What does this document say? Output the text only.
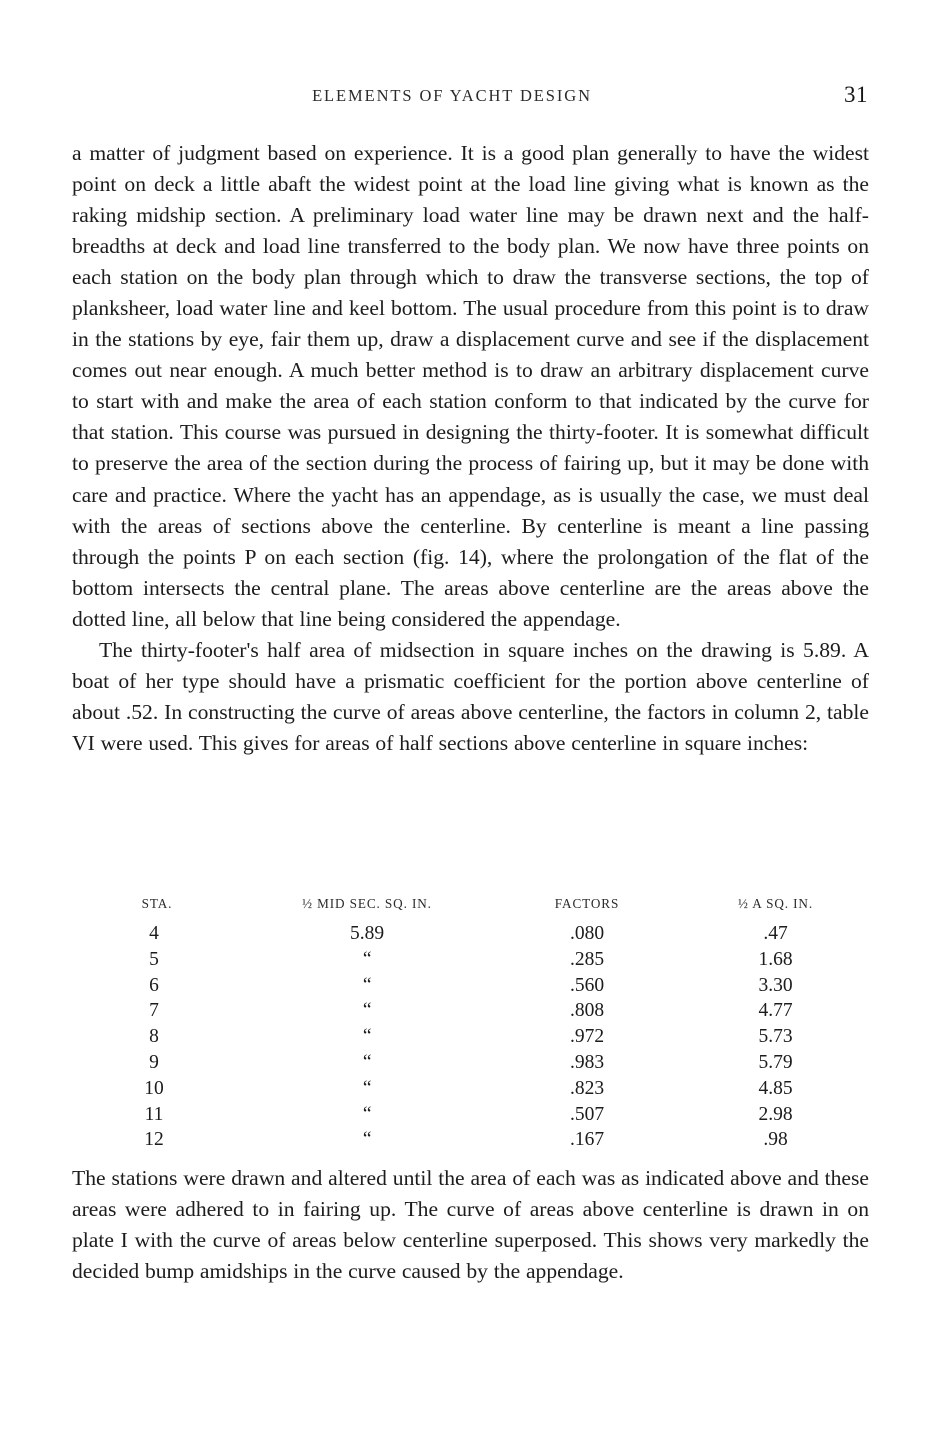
ELEMENTS OF YACHT DESIGN	31

a matter of judgment based on experience. It is a good plan generally to have the widest point on deck a little abaft the widest point at the load line giving what is known as the raking midship section. A preliminary load water line may be drawn next and the half-breadths at deck and load line transferred to the body plan. We now have three points on each station on the body plan through which to draw the transverse sections, the top of planksheer, load water line and keel bottom. The usual procedure from this point is to draw in the stations by eye, fair them up, draw a displacement curve and see if the displacement comes out near enough. A much better method is to draw an arbitrary displacement curve to start with and make the area of each station conform to that indicated by the curve for that station. This course was pursued in designing the thirty-footer. It is somewhat difficult to preserve the area of the section during the process of fairing up, but it may be done with care and practice. Where the yacht has an appendage, as is usually the case, we must deal with the areas of sections above the centerline. By centerline is meant a line passing through the points P on each section (fig. 14), where the prolongation of the flat of the bottom intersects the central plane. The areas above centerline are the areas above the dotted line, all below that line being considered the appendage.

The thirty-footer's half area of midsection in square inches on the drawing is 5.89. A boat of her type should have a prismatic coefficient for the portion above centerline of about .52. In constructing the curve of areas above centerline, the factors in column 2, table VI were used. This gives for areas of half sections above centerline in square inches:

STA.	½ MID SEC. SQ. IN.	FACTORS	½ A SQ. IN.
4	5.89	.080	.47
5	“	.285	1.68
6	“	.560	3.30
7	“	.808	4.77
8	“	.972	5.73
9	“	.983	5.79
10	“	.823	4.85
11	“	.507	2.98
12	“	.167	.98

The stations were drawn and altered until the area of each was as indicated above and these areas were adhered to in fairing up. The curve of areas above centerline is drawn in on plate I with the curve of areas below centerline superposed. This shows very markedly the decided bump amidships in the curve caused by the appendage.
